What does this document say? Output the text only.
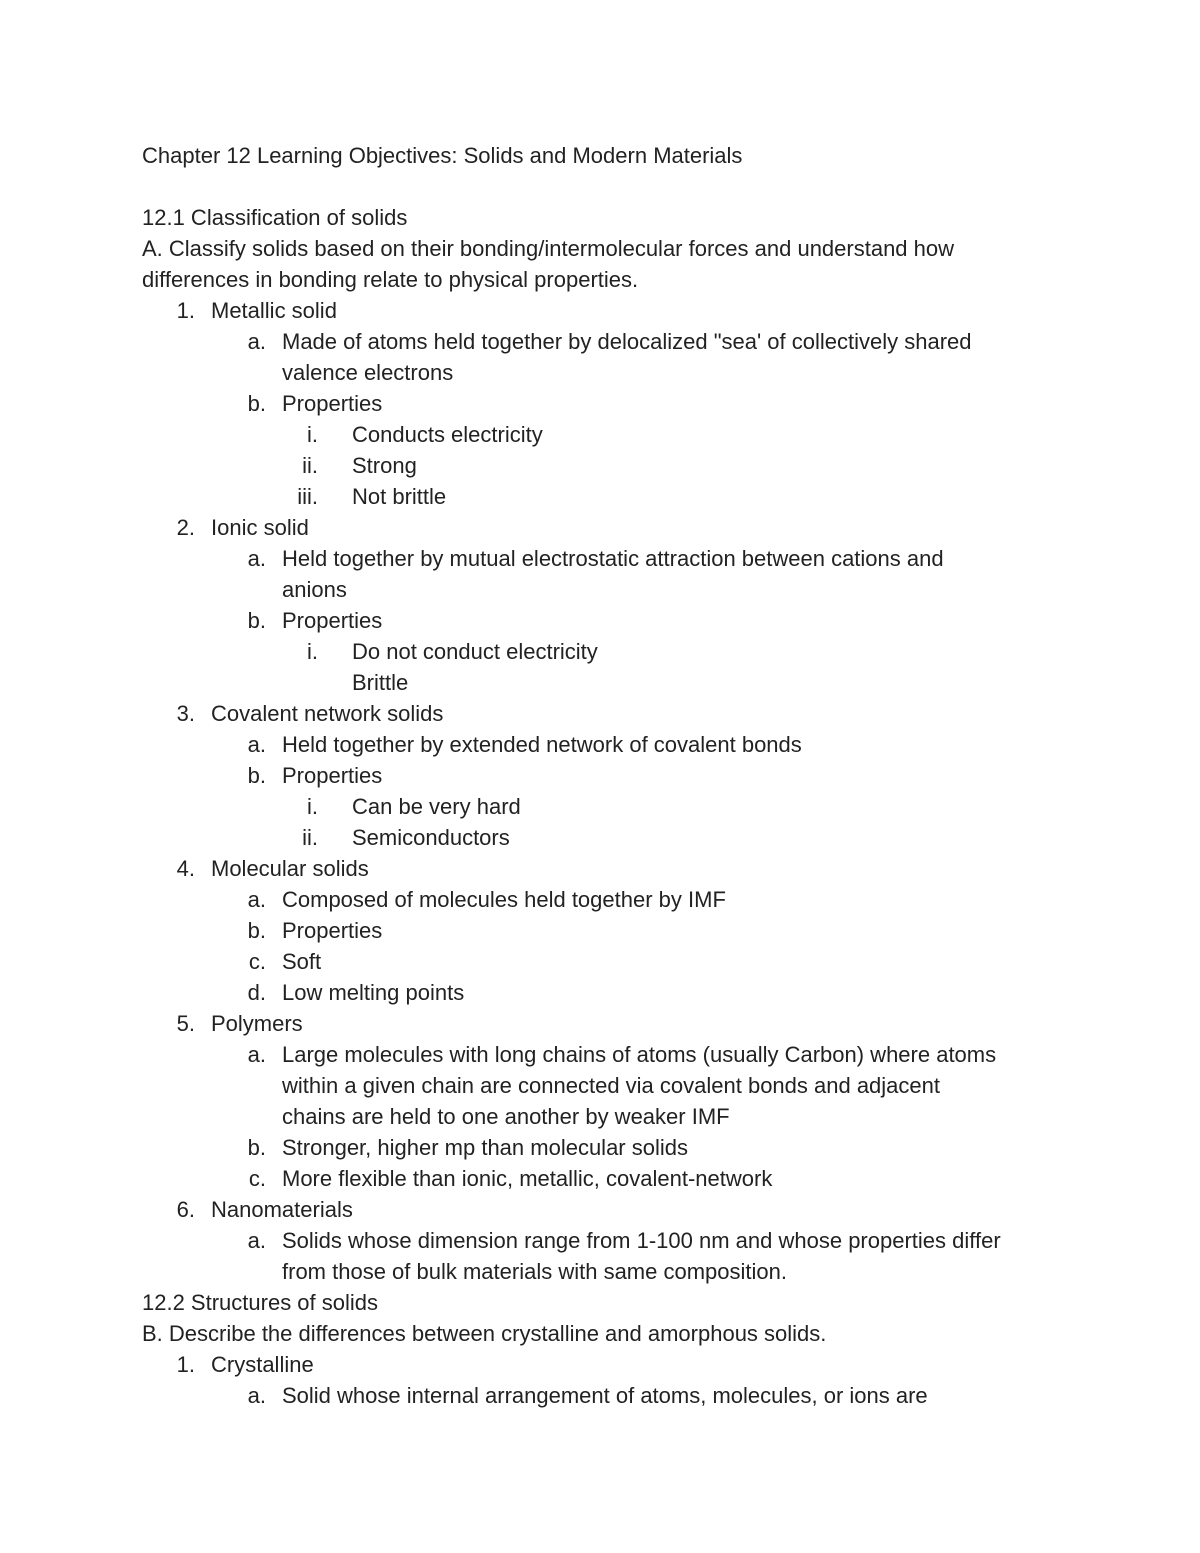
Chapter 12 Learning Objectives: Solids and Modern Materials
12.1 Classification of solids
A. Classify solids based on their bonding/intermolecular forces and understand how
differences in bonding relate to physical properties.
1. Metallic solid
a. Made of atoms held together by delocalized "sea' of collectively shared
valence electrons
b. Properties
i. Conducts electricity
ii. Strong
iii. Not brittle
2. Ionic solid
a. Held together by mutual electrostatic attraction between cations and
anions
b. Properties
i. Do not conduct electricity
Brittle
3. Covalent network solids
a. Held together by extended network of covalent bonds
b. Properties
i. Can be very hard
ii. Semiconductors
4. Molecular solids
a. Composed of molecules held together by IMF
b. Properties
c. Soft
d. Low melting points
5. Polymers
a. Large molecules with long chains of atoms (usually Carbon) where atoms
within a given chain are connected via covalent bonds and adjacent
chains are held to one another by weaker IMF
b. Stronger, higher mp than molecular solids
c. More flexible than ionic, metallic, covalent-network
6. Nanomaterials
a. Solids whose dimension range from 1-100 nm and whose properties differ
from those of bulk materials with same composition.
12.2 Structures of solids
B. Describe the differences between crystalline and amorphous solids.
1. Crystalline
a. Solid whose internal arrangement of atoms, molecules, or ions are
